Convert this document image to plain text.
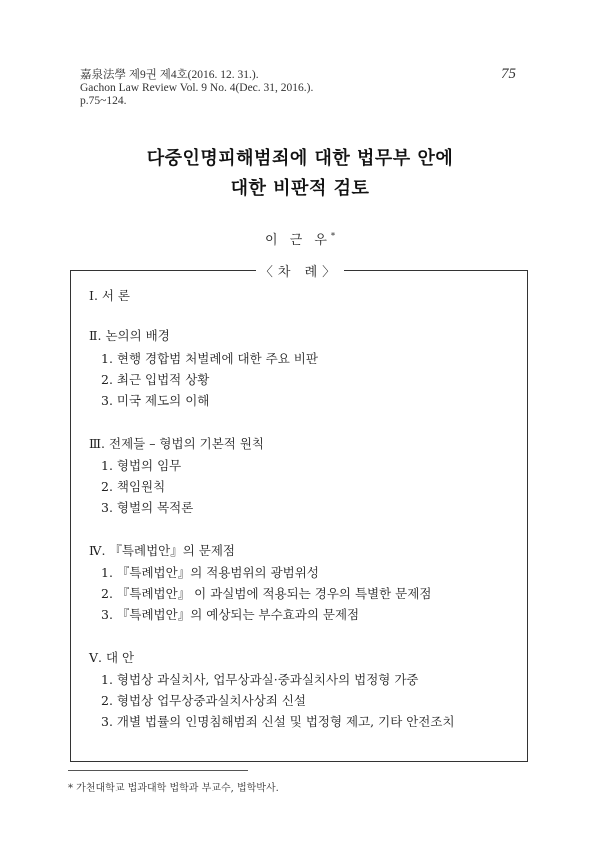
嘉泉法學 제9권 제4호(2016. 12. 31.).
Gachon Law Review Vol. 9 No. 4(Dec. 31, 2016.).
p.75~124.
75
다중인명피해범죄에 대한 법무부 안에
대한 비판적 검토
이 근 우*
〈차 례〉
Ⅰ. 서 론
Ⅱ. 논의의 배경
1. 현행 경합범 처벌례에 대한 주요 비판
2. 최근 입법적 상황
3. 미국 제도의 이해
Ⅲ. 전제들 – 형법의 기본적 원칙
1. 형법의 임무
2. 책임원칙
3. 형벌의 목적론
Ⅳ. 『특례법안』의 문제점
1. 『특례법안』의 적용범위의 광범위성
2. 『특례법안』 이 과실범에 적용되는 경우의 특별한 문제점
3. 『특례법안』의 예상되는 부수효과의 문제점
Ⅴ. 대 안
1. 형법상 과실치사, 업무상과실·중과실치사의 법정형 가중
2. 형법상 업무상중과실치사상죄 신설
3. 개별 법률의 인명침해범죄 신설 및 법정형 제고, 기타 안전조치
* 가천대학교 법과대학 법학과 부교수, 법학박사.
